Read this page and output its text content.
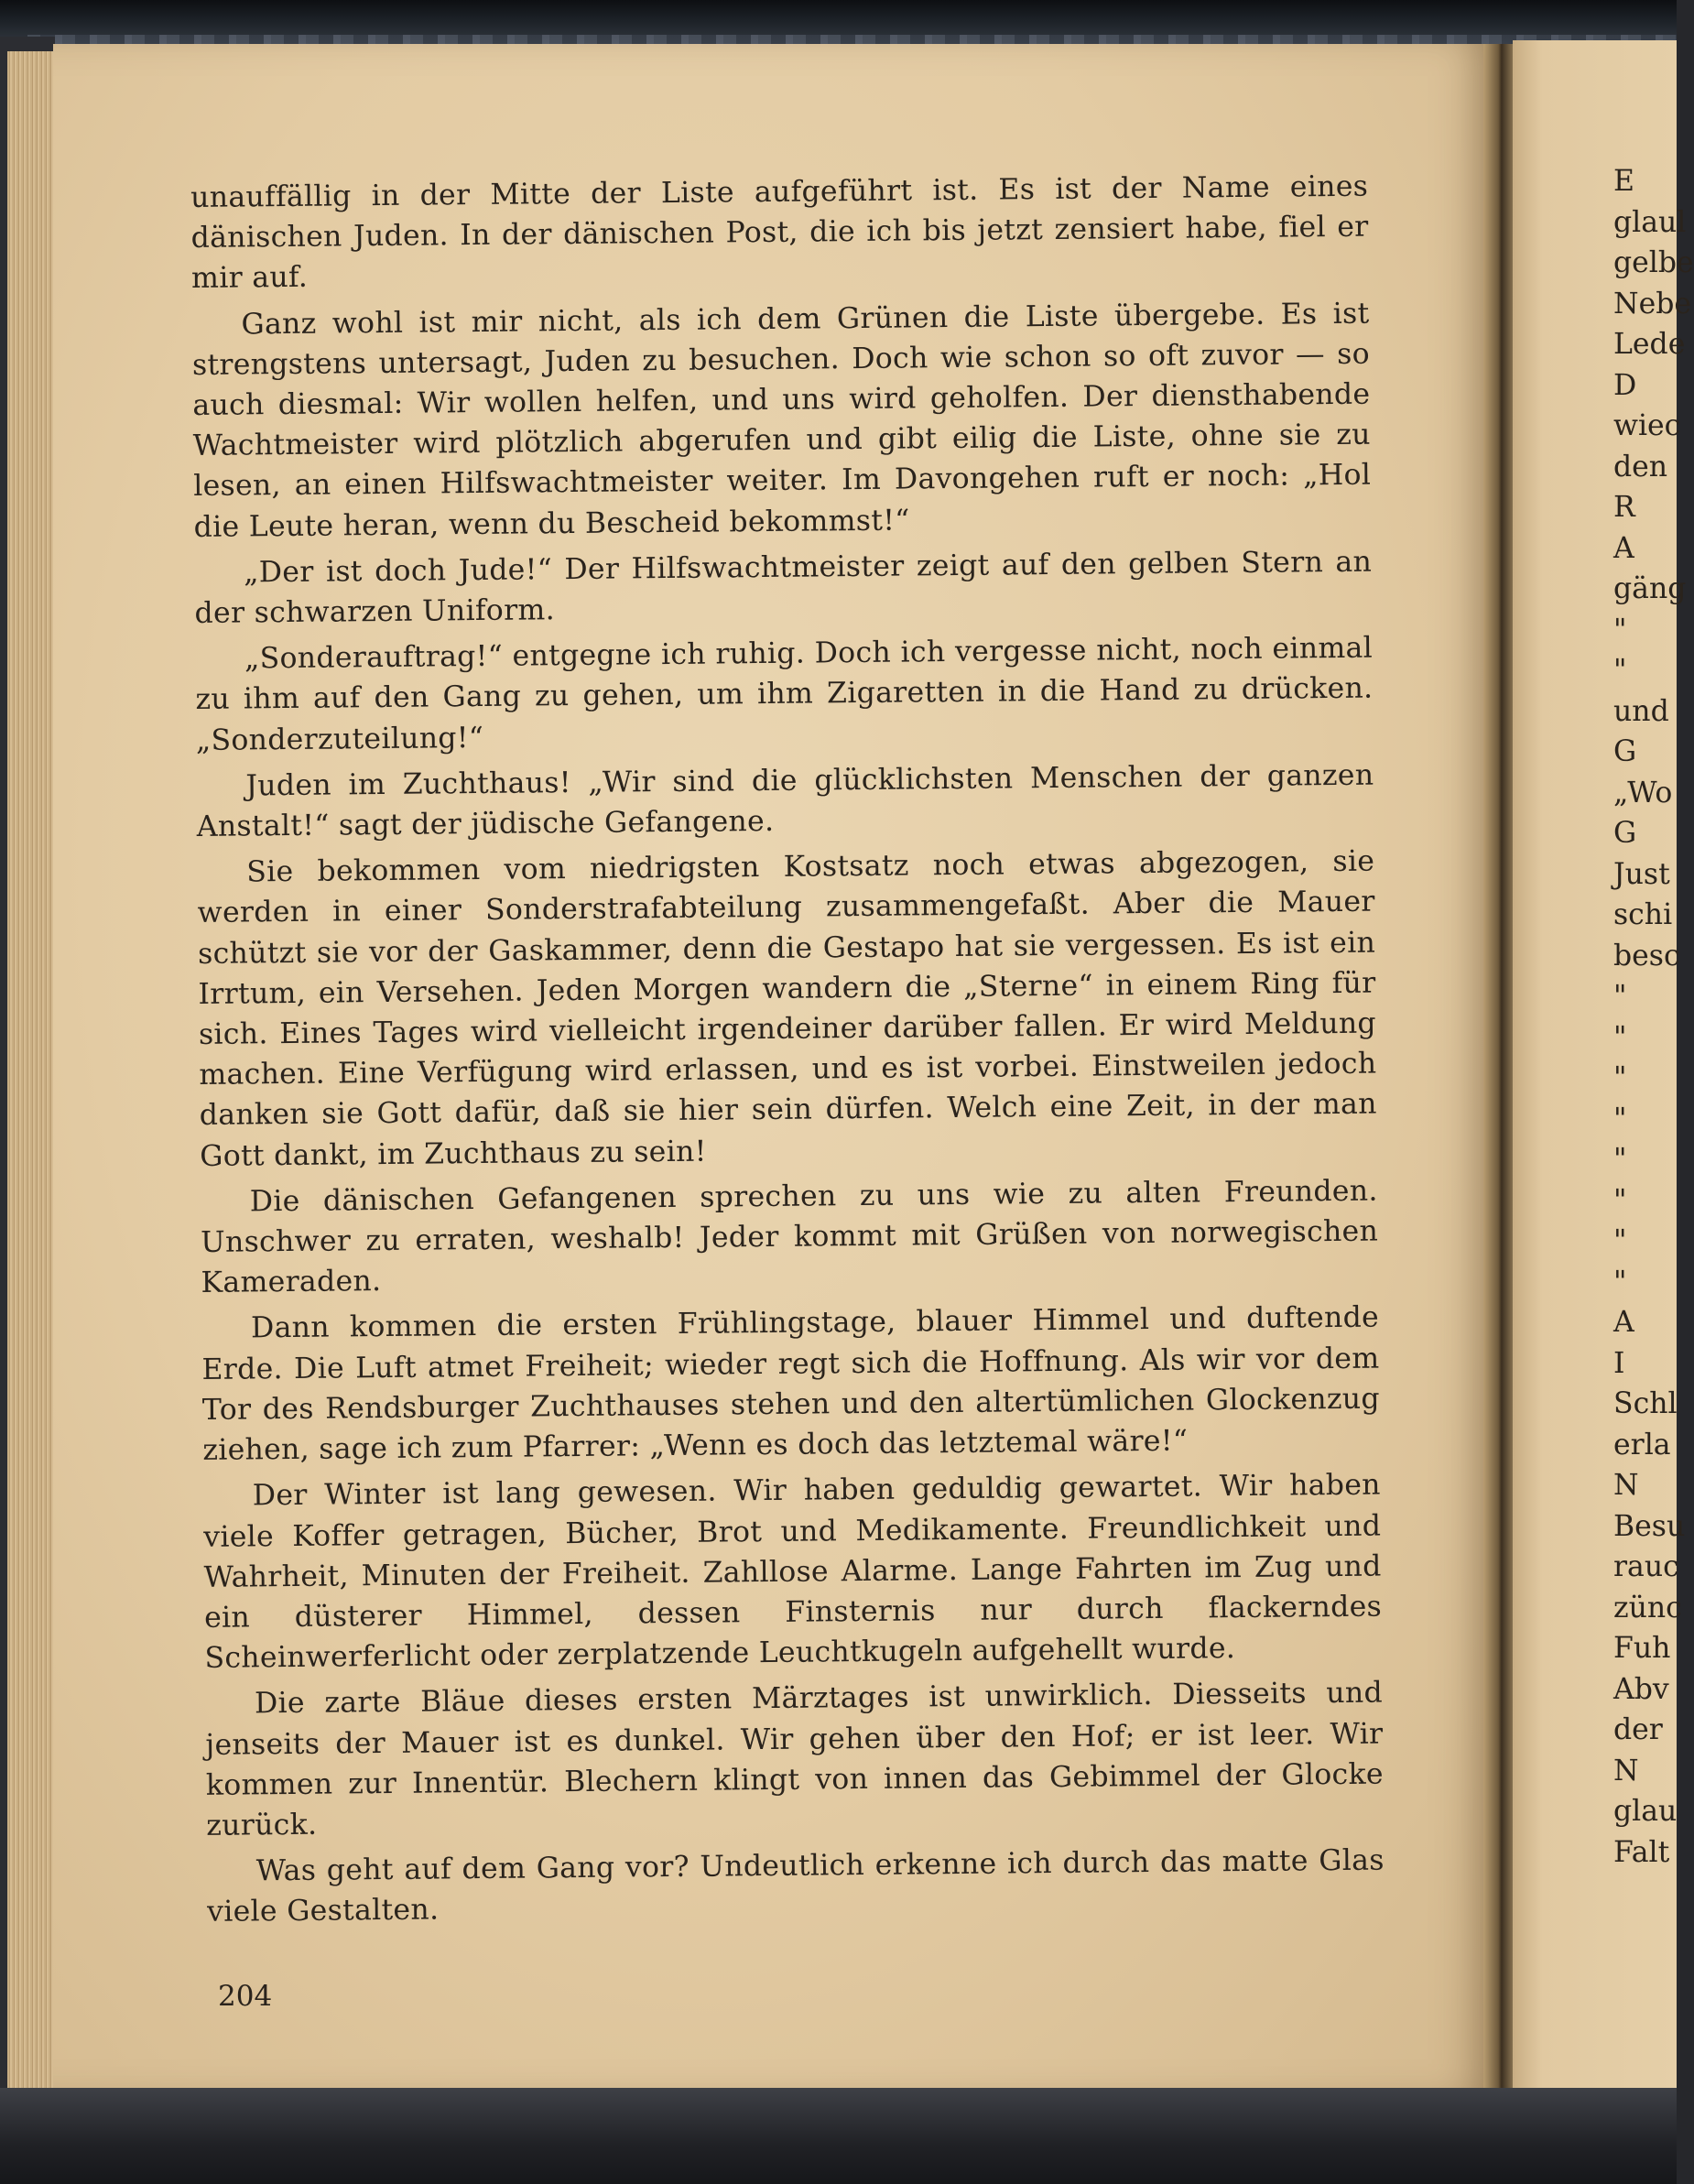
unauffällig in der Mitte der Liste aufgeführt ist. Es ist der Name eines dänischen Juden. In der dänischen Post, die ich bis jetzt zensiert habe, fiel er mir auf.

Ganz wohl ist mir nicht, als ich dem Grünen die Liste übergebe. Es ist strengstens untersagt, Juden zu besuchen. Doch wie schon so oft zuvor — so auch diesmal: Wir wollen helfen, und uns wird geholfen. Der diensthabende Wachtmeister wird plötzlich abgerufen und gibt eilig die Liste, ohne sie zu lesen, an einen Hilfswachtmeister weiter. Im Davongehen ruft er noch: „Hol die Leute heran, wenn du Bescheid bekommst!“

„Der ist doch Jude!“ Der Hilfswachtmeister zeigt auf den gelben Stern an der schwarzen Uniform.

„Sonderauftrag!“ entgegne ich ruhig. Doch ich vergesse nicht, noch einmal zu ihm auf den Gang zu gehen, um ihm Zigaretten in die Hand zu drücken. „Sonderzuteilung!“

Juden im Zuchthaus! „Wir sind die glücklichsten Menschen der ganzen Anstalt!“ sagt der jüdische Gefangene.

Sie bekommen vom niedrigsten Kostsatz noch etwas abgezogen, sie werden in einer Sonderstrafabteilung zusammengefaßt. Aber die Mauer schützt sie vor der Gaskammer, denn die Gestapo hat sie vergessen. Es ist ein Irrtum, ein Versehen. Jeden Morgen wandern die „Sterne“ in einem Ring für sich. Eines Tages wird vielleicht irgendeiner darüber fallen. Er wird Meldung machen. Eine Verfügung wird erlassen, und es ist vorbei. Einstweilen jedoch danken sie Gott dafür, daß sie hier sein dürfen. Welch eine Zeit, in der man Gott dankt, im Zuchthaus zu sein!

Die dänischen Gefangenen sprechen zu uns wie zu alten Freunden. Unschwer zu erraten, weshalb! Jeder kommt mit Grüßen von norwegischen Kameraden.

Dann kommen die ersten Frühlingstage, blauer Himmel und duftende Erde. Die Luft atmet Freiheit; wieder regt sich die Hoffnung. Als wir vor dem Tor des Rendsburger Zuchthauses stehen und den altertümlichen Glockenzug ziehen, sage ich zum Pfarrer: „Wenn es doch das letztemal wäre!“

Der Winter ist lang gewesen. Wir haben geduldig gewartet. Wir haben viele Koffer getragen, Bücher, Brot und Medikamente. Freundlichkeit und Wahrheit, Minuten der Freiheit. Zahllose Alarme. Lange Fahrten im Zug und ein düsterer Himmel, dessen Finsternis nur durch flackerndes Scheinwerferlicht oder zerplatzende Leuchtkugeln aufgehellt wurde.

Die zarte Bläue dieses ersten Märztages ist unwirklich. Diesseits und jenseits der Mauer ist es dunkel. Wir gehen über den Hof; er ist leer. Wir kommen zur Innentür. Blechern klingt von innen das Gebimmel der Glocke zurück.

Was geht auf dem Gang vor? Undeutlich erkenne ich durch das matte Glas viele Gestalten.

204
E
glaul
gelbe
Nebe
Lede
D
wiec
den
R
A
gäng
"
"
und
G
„Wo
G
Just
schi
besc
"
"
"
"
"
"
"
"
A
I
Schl
erla
N
Besu
rauc
zünc
Fuh
Abv
der
N
glau
Falt
